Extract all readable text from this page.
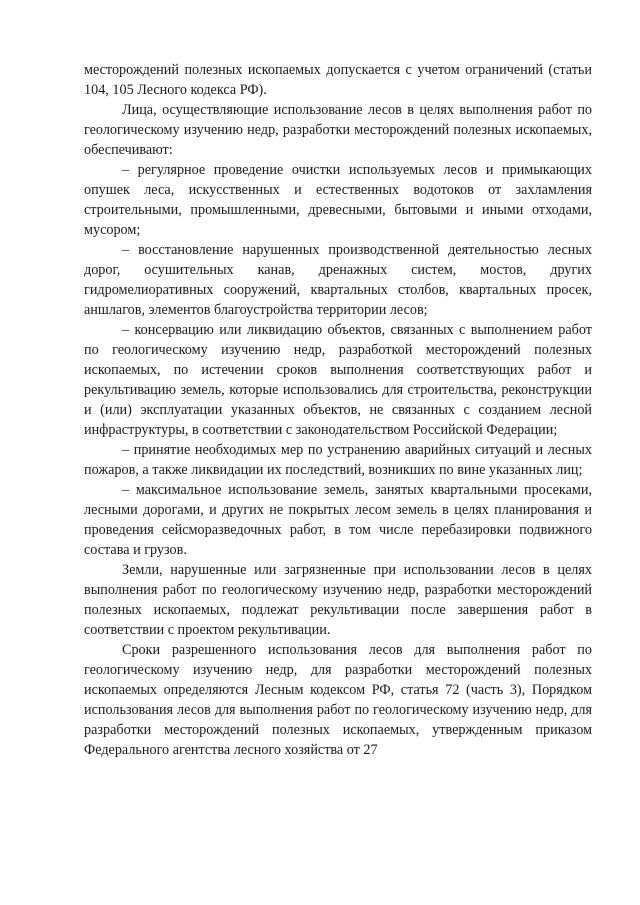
месторождений полезных ископаемых допускается с учетом ограничений (статьи 104, 105 Лесного кодекса РФ).

Лица, осуществляющие использование лесов в целях выполнения работ по геологическому изучению недр, разработки месторождений полезных ископаемых, обеспечивают:

– регулярное проведение очистки используемых лесов и примыкающих опушек леса, искусственных и естественных водотоков от захламления строительными, промышленными, древесными, бытовыми и иными отходами, мусором;

– восстановление нарушенных производственной деятельностью лесных дорог, осушительных канав, дренажных систем, мостов, других гидромелиоративных сооружений, квартальных столбов, квартальных просек, аншлагов, элементов благоустройства территории лесов;

– консервацию или ликвидацию объектов, связанных с выполнением работ по геологическому изучению недр, разработкой месторождений полезных ископаемых, по истечении сроков выполнения соответствующих работ и рекультивацию земель, которые использовались для строительства, реконструкции и (или) эксплуатации указанных объектов, не связанных с созданием лесной инфраструктуры, в соответствии с законодательством Российской Федерации;

– принятие необходимых мер по устранению аварийных ситуаций и лесных пожаров, а также ликвидации их последствий, возникших по вине указанных лиц;

– максимальное использование земель, занятых квартальными просеками, лесными дорогами, и других не покрытых лесом земель в целях планирования и проведения сейсморазведочных работ, в том числе перебазировки подвижного состава и грузов.

Земли, нарушенные или загрязненные при использовании лесов в целях выполнения работ по геологическому изучению недр, разработки месторождений полезных ископаемых, подлежат рекультивации после завершения работ в соответствии с проектом рекультивации.

Сроки разрешенного использования лесов для выполнения работ по геологическому изучению недр, для разработки месторождений полезных ископаемых определяются Лесным кодексом РФ, статья 72 (часть 3), Порядком использования лесов для выполнения работ по геологическому изучению недр, для разработки месторождений полезных ископаемых, утвержденным приказом Федерального агентства лесного хозяйства от 27
